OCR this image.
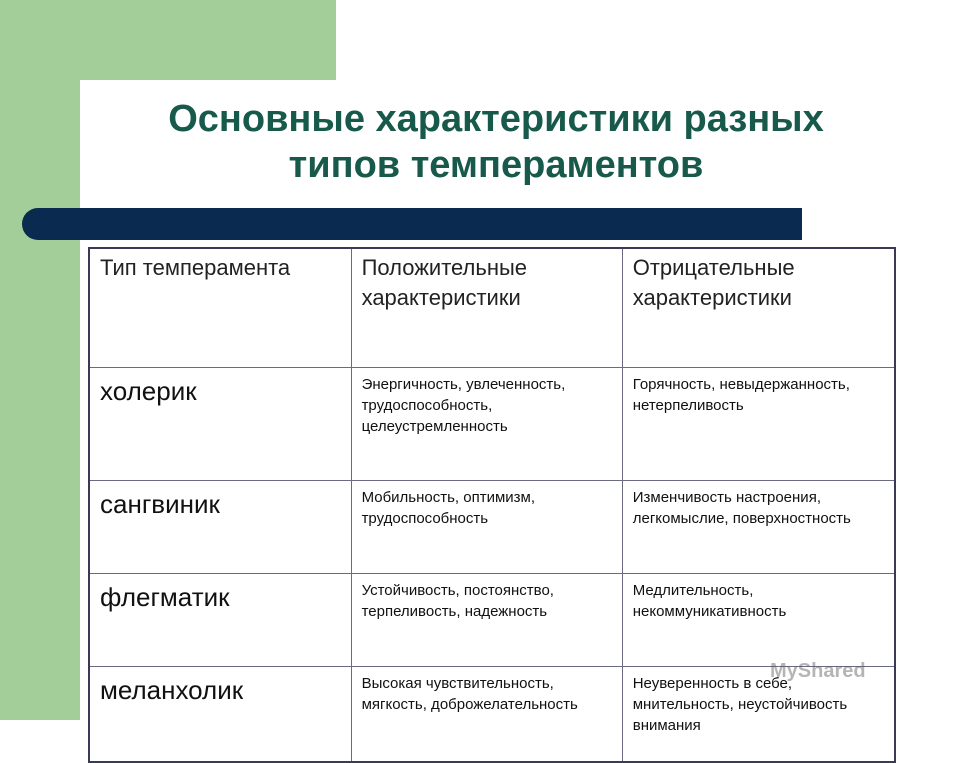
Основные характеристики разных
типов темпераментов
Тип темперамента	Положительные характеристики	Отрицательные характеристики
холерик	Энергичность, увлеченность, трудоспособность, целеустремленность	Горячность, невыдержанность, нетерпеливость
сангвиник	Мобильность, оптимизм, трудоспособность	Изменчивость настроения, легкомыслие, поверхностность
флегматик	Устойчивость, постоянство, терпеливость, надежность	Медлительность, некоммуникативность
меланхолик	Высокая чувствительность, мягкость, доброжелательность	Неуверенность в себе, мнительность, неустойчивость внимания
MyShared
